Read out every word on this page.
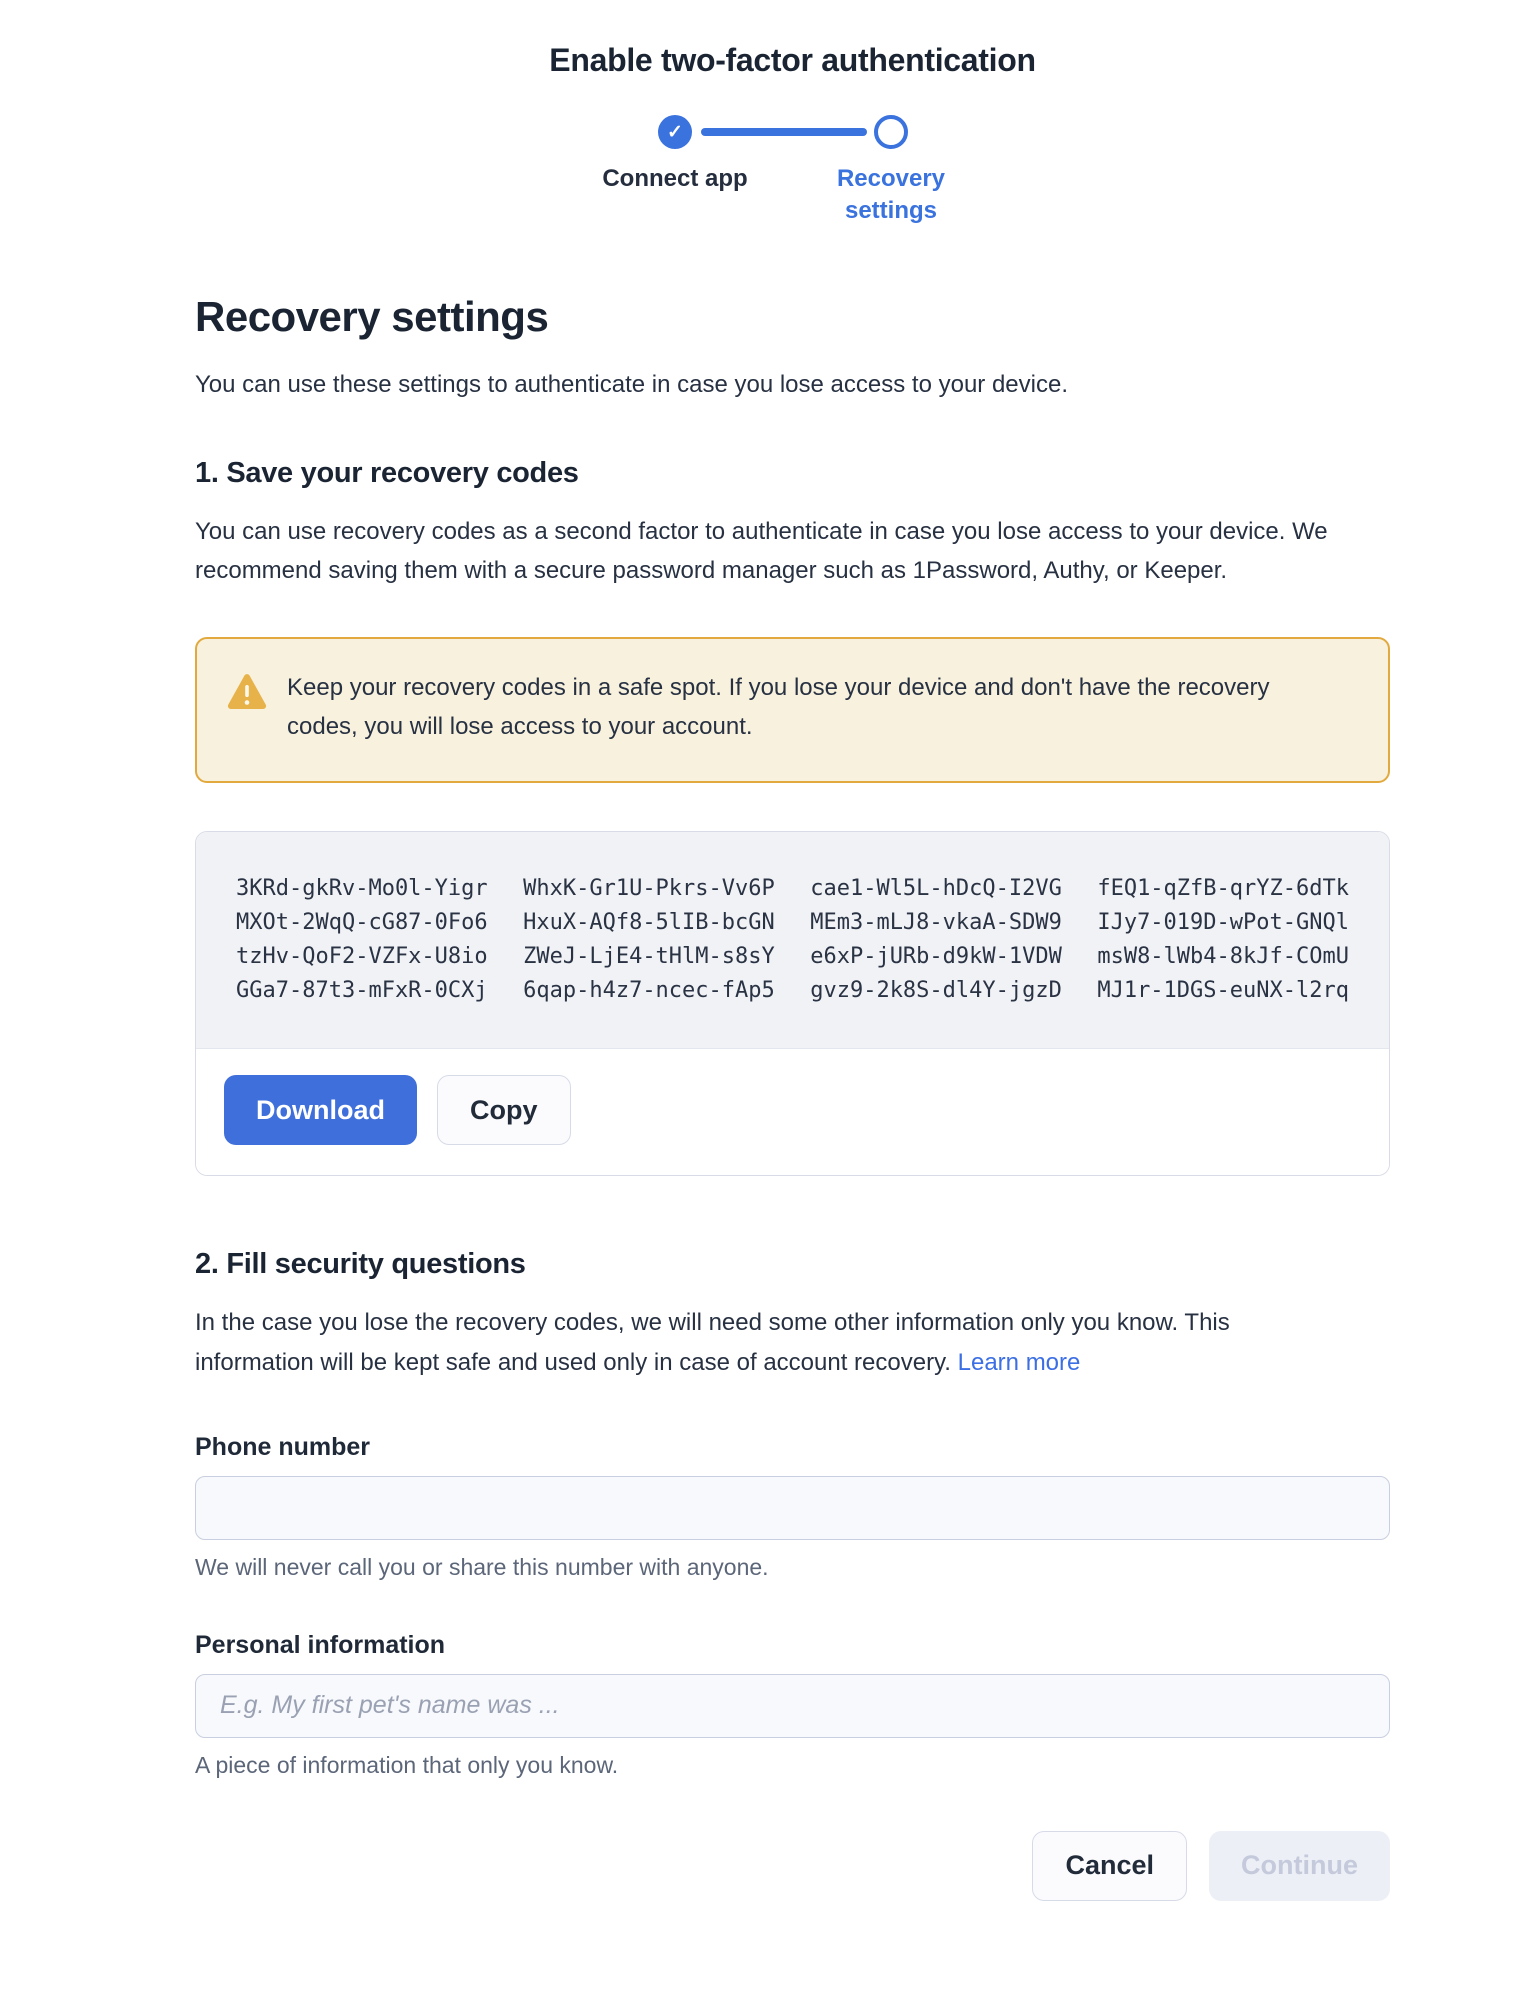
Enable two-factor authentication
✓
Connect app	Recovery settings
Recovery settings

You can use these settings to authenticate in case you lose access to your device.

1. Save your recovery codes

You can use recovery codes as a second factor to authenticate in case you lose access to your device. We recommend saving them with a secure password manager such as 1Password, Authy, or Keeper.

Keep your recovery codes in a safe spot. If you lose your device and don't have the recovery codes, you will lose access to your account.
3KRd-gkRv-Mo0l-Yigr WhxK-Gr1U-Pkrs-Vv6P cae1-Wl5L-hDcQ-I2VG fEQ1-qZfB-qrYZ-6dTk
MXOt-2WqQ-cG87-0Fo6 HxuX-AQf8-5lIB-bcGN MEm3-mLJ8-vkaA-SDW9 IJy7-019D-wPot-GNQl
tzHv-QoF2-VZFx-U8io ZWeJ-LjE4-tHlM-s8sY e6xP-jURb-d9kW-1VDW msW8-lWb4-8kJf-COmU
GGa7-87t3-mFxR-0CXj 6qap-h4z7-ncec-fAp5 gvz9-2k8S-dl4Y-jgzD MJ1r-1DGS-euNX-l2rq
Download	Copy
2. Fill security questions

In the case you lose the recovery codes, we will need some other information only you know. This information will be kept safe and used only in case of account recovery. Learn more

Phone number
We will never call you or share this number with anyone.
Personal information
E.g. My first pet's name was ...
A piece of information that only you know.
Cancel	Continue
